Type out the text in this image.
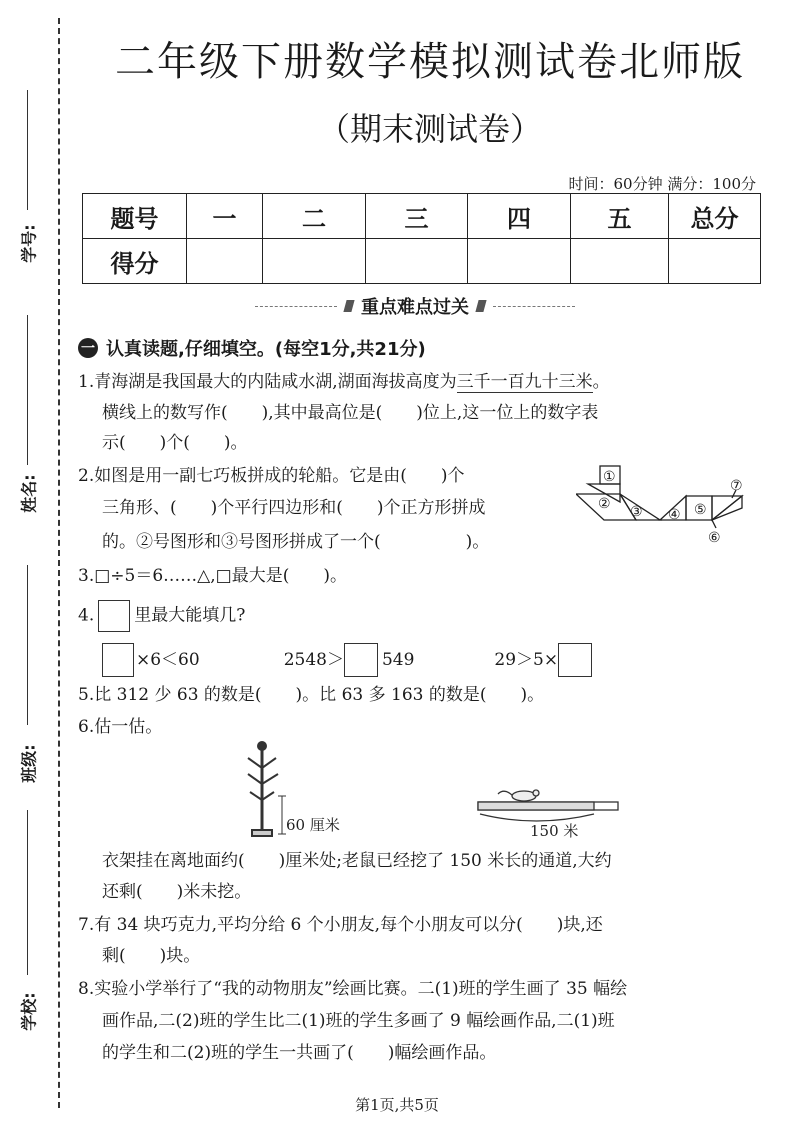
学号:
姓名:
班级:
学校:
二年级下册数学模拟测试卷北师版
（期末测试卷）
时间：60分钟 满分：100分
题号	一	二	三	四	五	总分
得分						
重点难点过关
一 认真读题,仔细填空。(每空1分,共21分)
1.青海湖是我国最大的内陆咸水湖,湖面海拔高度为三千一百九十三米。
横线上的数写作(　　),其中最高位是(　　)位上,这一位上的数字表
示(　　)个(　　)。
2.如图是用一副七巧板拼成的轮船。它是由(　　)个
三角形、(　　)个平行四边形和(　　)个正方形拼成
的。②号图形和③号图形拼成了一个(　　　　　)。
①
② ③ ④ ⑤
⑥
⑦
3.□÷5＝6……△,□最大是(　　)。
4. 里最大能填几?
×6＜60	2548＞ 549	29＞5×
5.比 312 少 63 的数是(　　)。比 63 多 163 的数是(　　)。
6.估一估。
60 厘米	150 米
衣架挂在离地面约(　　)厘米处;老鼠已经挖了 150 米长的通道,大约
还剩(　　)米未挖。
7.有 34 块巧克力,平均分给 6 个小朋友,每个小朋友可以分(　　)块,还
剩(　　)块。
8.实验小学举行了“我的动物朋友”绘画比赛。二(1)班的学生画了 35 幅绘
画作品,二(2)班的学生比二(1)班的学生多画了 9 幅绘画作品,二(1)班
的学生和二(2)班的学生一共画了(　　)幅绘画作品。
第1页,共5页
